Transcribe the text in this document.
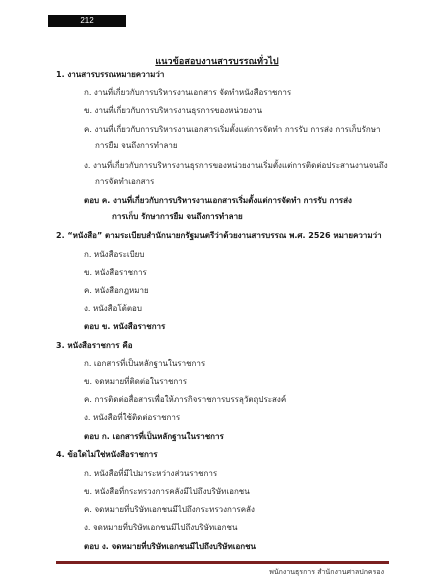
212
แนวข้อสอบงานสารบรรณทั่วไป
1. งานสารบรรณหมายความว่า
ก. งานที่เกี่ยวกับการบริหารงานเอกสาร จัดทำหนังสือราชการ
ข. งานที่เกี่ยวกับการบริหารงานธุรการของหน่วยงาน
ค. งานที่เกี่ยวกับการบริหารงานเอกสารเริ่มตั้งแต่การจัดทำ การรับ การส่ง การเก็บรักษา
การยืม จนถึงการทำลาย
ง. งานที่เกี่ยวกับการบริหารงานธุรการของหน่วยงานเริ่มตั้งแต่การติดต่อประสานงานจนถึง
การจัดทำเอกสาร
ตอบ ค. งานที่เกี่ยวกับการบริหารงานเอกสารเริ่มตั้งแต่การจัดทำ การรับ การส่ง
การเก็บ รักษาการยืม จนถึงการทำลาย
2. “หนังสือ” ตามระเบียบสำนักนายกรัฐมนตรีว่าด้วยงานสารบรรณ พ.ศ. 2526 หมายความว่า
ก. หนังสือระเบียบ
ข. หนังสือราชการ
ค. หนังสือกฎหมาย
ง. หนังสือโต้ตอบ
ตอบ ข. หนังสือราชการ
3. หนังสือราชการ คือ
ก. เอกสารที่เป็นหลักฐานในราชการ
ข. จดหมายที่ติดต่อในราชการ
ค. การติดต่อสื่อสารเพื่อให้ภารกิจราชการบรรลุวัตถุประสงค์
ง. หนังสือที่ใช้ติดต่อราชการ
ตอบ ก. เอกสารที่เป็นหลักฐานในราชการ
4. ข้อใดไม่ใช่หนังสือราชการ
ก. หนังสือที่มีไปมาระหว่างส่วนราชการ
ข. หนังสือที่กระทรวงการคลังมีไปถึงบริษัทเอกชน
ค. จดหมายที่บริษัทเอกชนมีไปถึงกระทรวงการคลัง
ง. จดหมายที่บริษัทเอกชนมีไปถึงบริษัทเอกชน
ตอบ ง. จดหมายที่บริษัทเอกชนมีไปถึงบริษัทเอกชน
พนักงานธุรการ สำนักงานศาลปกครอง
